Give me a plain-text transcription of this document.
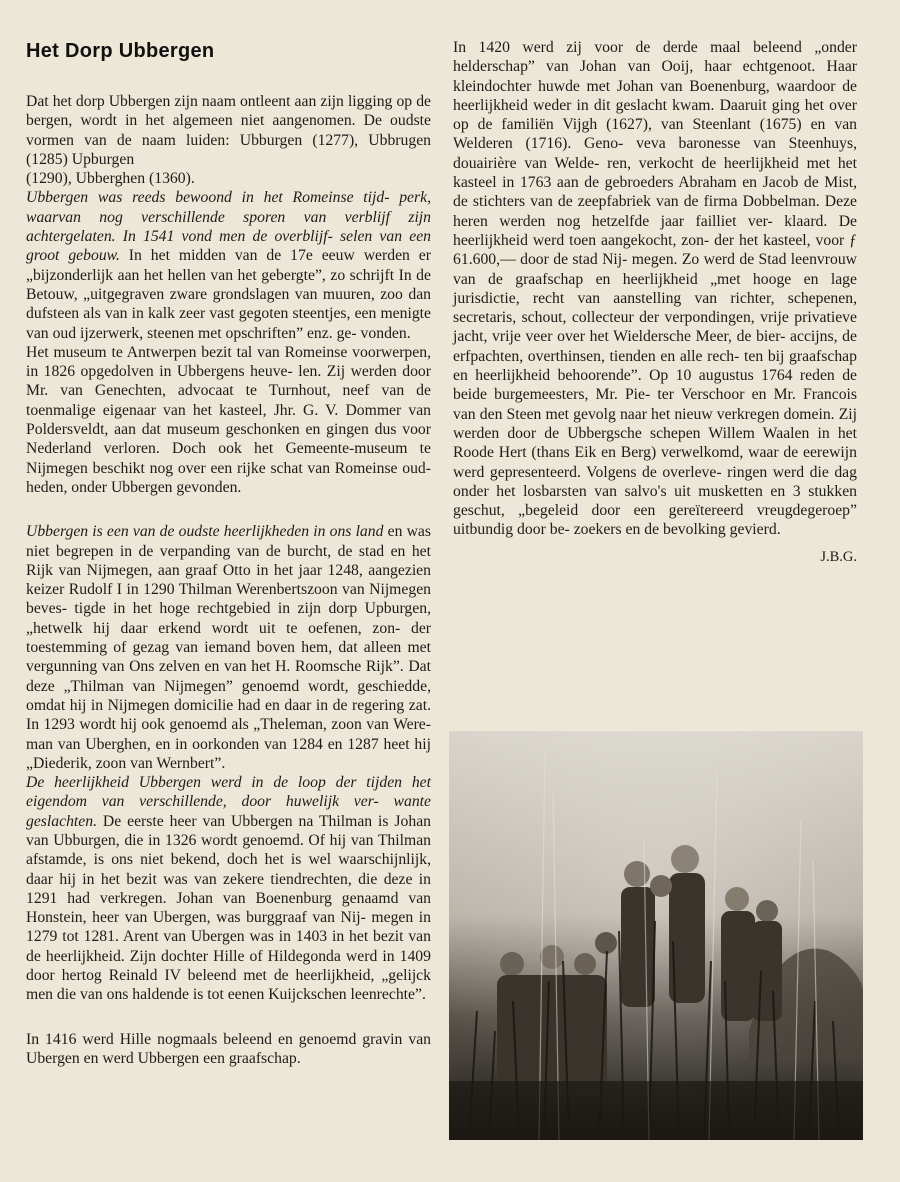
Het Dorp Ubbergen

Dat het dorp Ubbergen zijn naam ontleent aan zijn ligging op de bergen, wordt in het algemeen niet aangenomen. De oudste vormen van de naam luiden: Ubburgen (1277), Ubbrugen (1285) Upburgen
(1290), Ubberghen (1360).
Ubbergen was reeds bewoond in het Romeinse tijd- perk, waarvan nog verschillende sporen van verblijf zijn achtergelaten. In 1541 vond men de overblijf- selen van een groot gebouw. In het midden van de 17e eeuw werden er „bijzonderlijk aan het hellen van het gebergte”, zo schrijft In de Betouw, „uitgegraven zware grondslagen van muuren, zoo dan dufsteen als van in kalk zeer vast gegoten steentjes, een menigte van oud ijzerwerk, steenen met opschriften” enz. ge- vonden.

Het museum te Antwerpen bezit tal van Romeinse voorwerpen, in 1826 opgedolven in Ubbergens heuve- len. Zij werden door Mr. van Genechten, advocaat te Turnhout, neef van de toenmalige eigenaar van het kasteel, Jhr. G. V. Dommer van Poldersveldt, aan dat museum geschonken en gingen dus voor Nederland verloren. Doch ook het Gemeente-museum te Nijmegen beschikt nog over een rijke schat van Romeinse oud- heden, onder Ubbergen gevonden.

Ubbergen is een van de oudste heerlijkheden in ons land en was niet begrepen in de verpanding van de burcht, de stad en het Rijk van Nijmegen, aan graaf Otto in het jaar 1248, aangezien keizer Rudolf I in 1290 Thilman Werenbertszoon van Nijmegen beves- tigde in het hoge rechtgebied in zijn dorp Upburgen, „hetwelk hij daar erkend wordt uit te oefenen, zon- der toestemming of gezag van iemand boven hem, dat alleen met vergunning van Ons zelven en van het H. Roomsche Rijk”. Dat deze „Thilman van Nijmegen” genoemd wordt, geschiedde, omdat hij in Nijmegen domicilie had en daar in de regering zat. In 1293 wordt hij ook genoemd als „Theleman, zoon van Were- man van Uberghen, en in oorkonden van 1284 en 1287 heet hij „Diederik, zoon van Wernbert”.

De heerlijkheid Ubbergen werd in de loop der tijden het eigendom van verschillende, door huwelijk ver- wante geslachten. De eerste heer van Ubbergen na Thilman is Johan van Ubburgen, die in 1326 wordt genoemd. Of hij van Thilman afstamde, is ons niet bekend, doch het is wel waarschijnlijk, daar hij in het bezit was van zekere tiendrechten, die deze in 1291 had verkregen. Johan van Boenenburg genaamd van Honstein, heer van Ubergen, was burggraaf van Nij- megen in 1279 tot 1281. Arent van Ubergen was in 1403 in het bezit van de heerlijkheid. Zijn dochter Hille of Hildegonda werd in 1409 door hertog Reinald IV beleend met de heerlijkheid, „gelijck men die van ons haldende is tot eenen Kuijckschen leenrechte”.

In 1416 werd Hille nogmaals beleend en genoemd gravin van Ubergen en werd Ubbergen een graafschap.

In 1420 werd zij voor de derde maal beleend „onder helderschap” van Johan van Ooij, haar echtgenoot. Haar kleindochter huwde met Johan van Boenenburg, waardoor de heerlijkheid weder in dit geslacht kwam. Daaruit ging het over op de familiën Vijgh (1627), van Steenlant (1675) en van Welderen (1716). Geno- veva baronesse van Steenhuys, douairière van Welde- ren, verkocht de heerlijkheid met het kasteel in 1763 aan de gebroeders Abraham en Jacob de Mist, de stichters van de zeepfabriek van de firma Dobbelman. Deze heren werden nog hetzelfde jaar failliet ver- klaard. De heerlijkheid werd toen aangekocht, zon- der het kasteel, voor ƒ 61.600,— door de stad Nij- megen. Zo werd de Stad leenvrouw van de graafschap en heerlijkheid „met hooge en lage jurisdictie, recht van aanstelling van richter, schepenen, secretaris, schout, collecteur der verpondingen, vrije privatieve jacht, vrije veer over het Wieldersche Meer, de bier- accijns, de erfpachten, overthinsen, tienden en alle rech- ten bij graafschap en heerlijkheid behoorende”. Op 10 augustus 1764 reden de beide burgemeesters, Mr. Pie- ter Verschoor en Mr. Francois van den Steen met gevolg naar het nieuw verkregen domein. Zij werden door de Ubbergsche schepen Willem Waalen in het Roode Hert (thans Eik en Berg) verwelkomd, waar de eerewijn werd gepresenteerd. Volgens de overleve- ringen werd die dag onder het losbarsten van salvo's uit musketten en 3 stukken geschut, „begeleid door een gereïtereerd vreugdegeroep” uitbundig door be- zoekers en de bevolking gevierd.

J.B.G.
